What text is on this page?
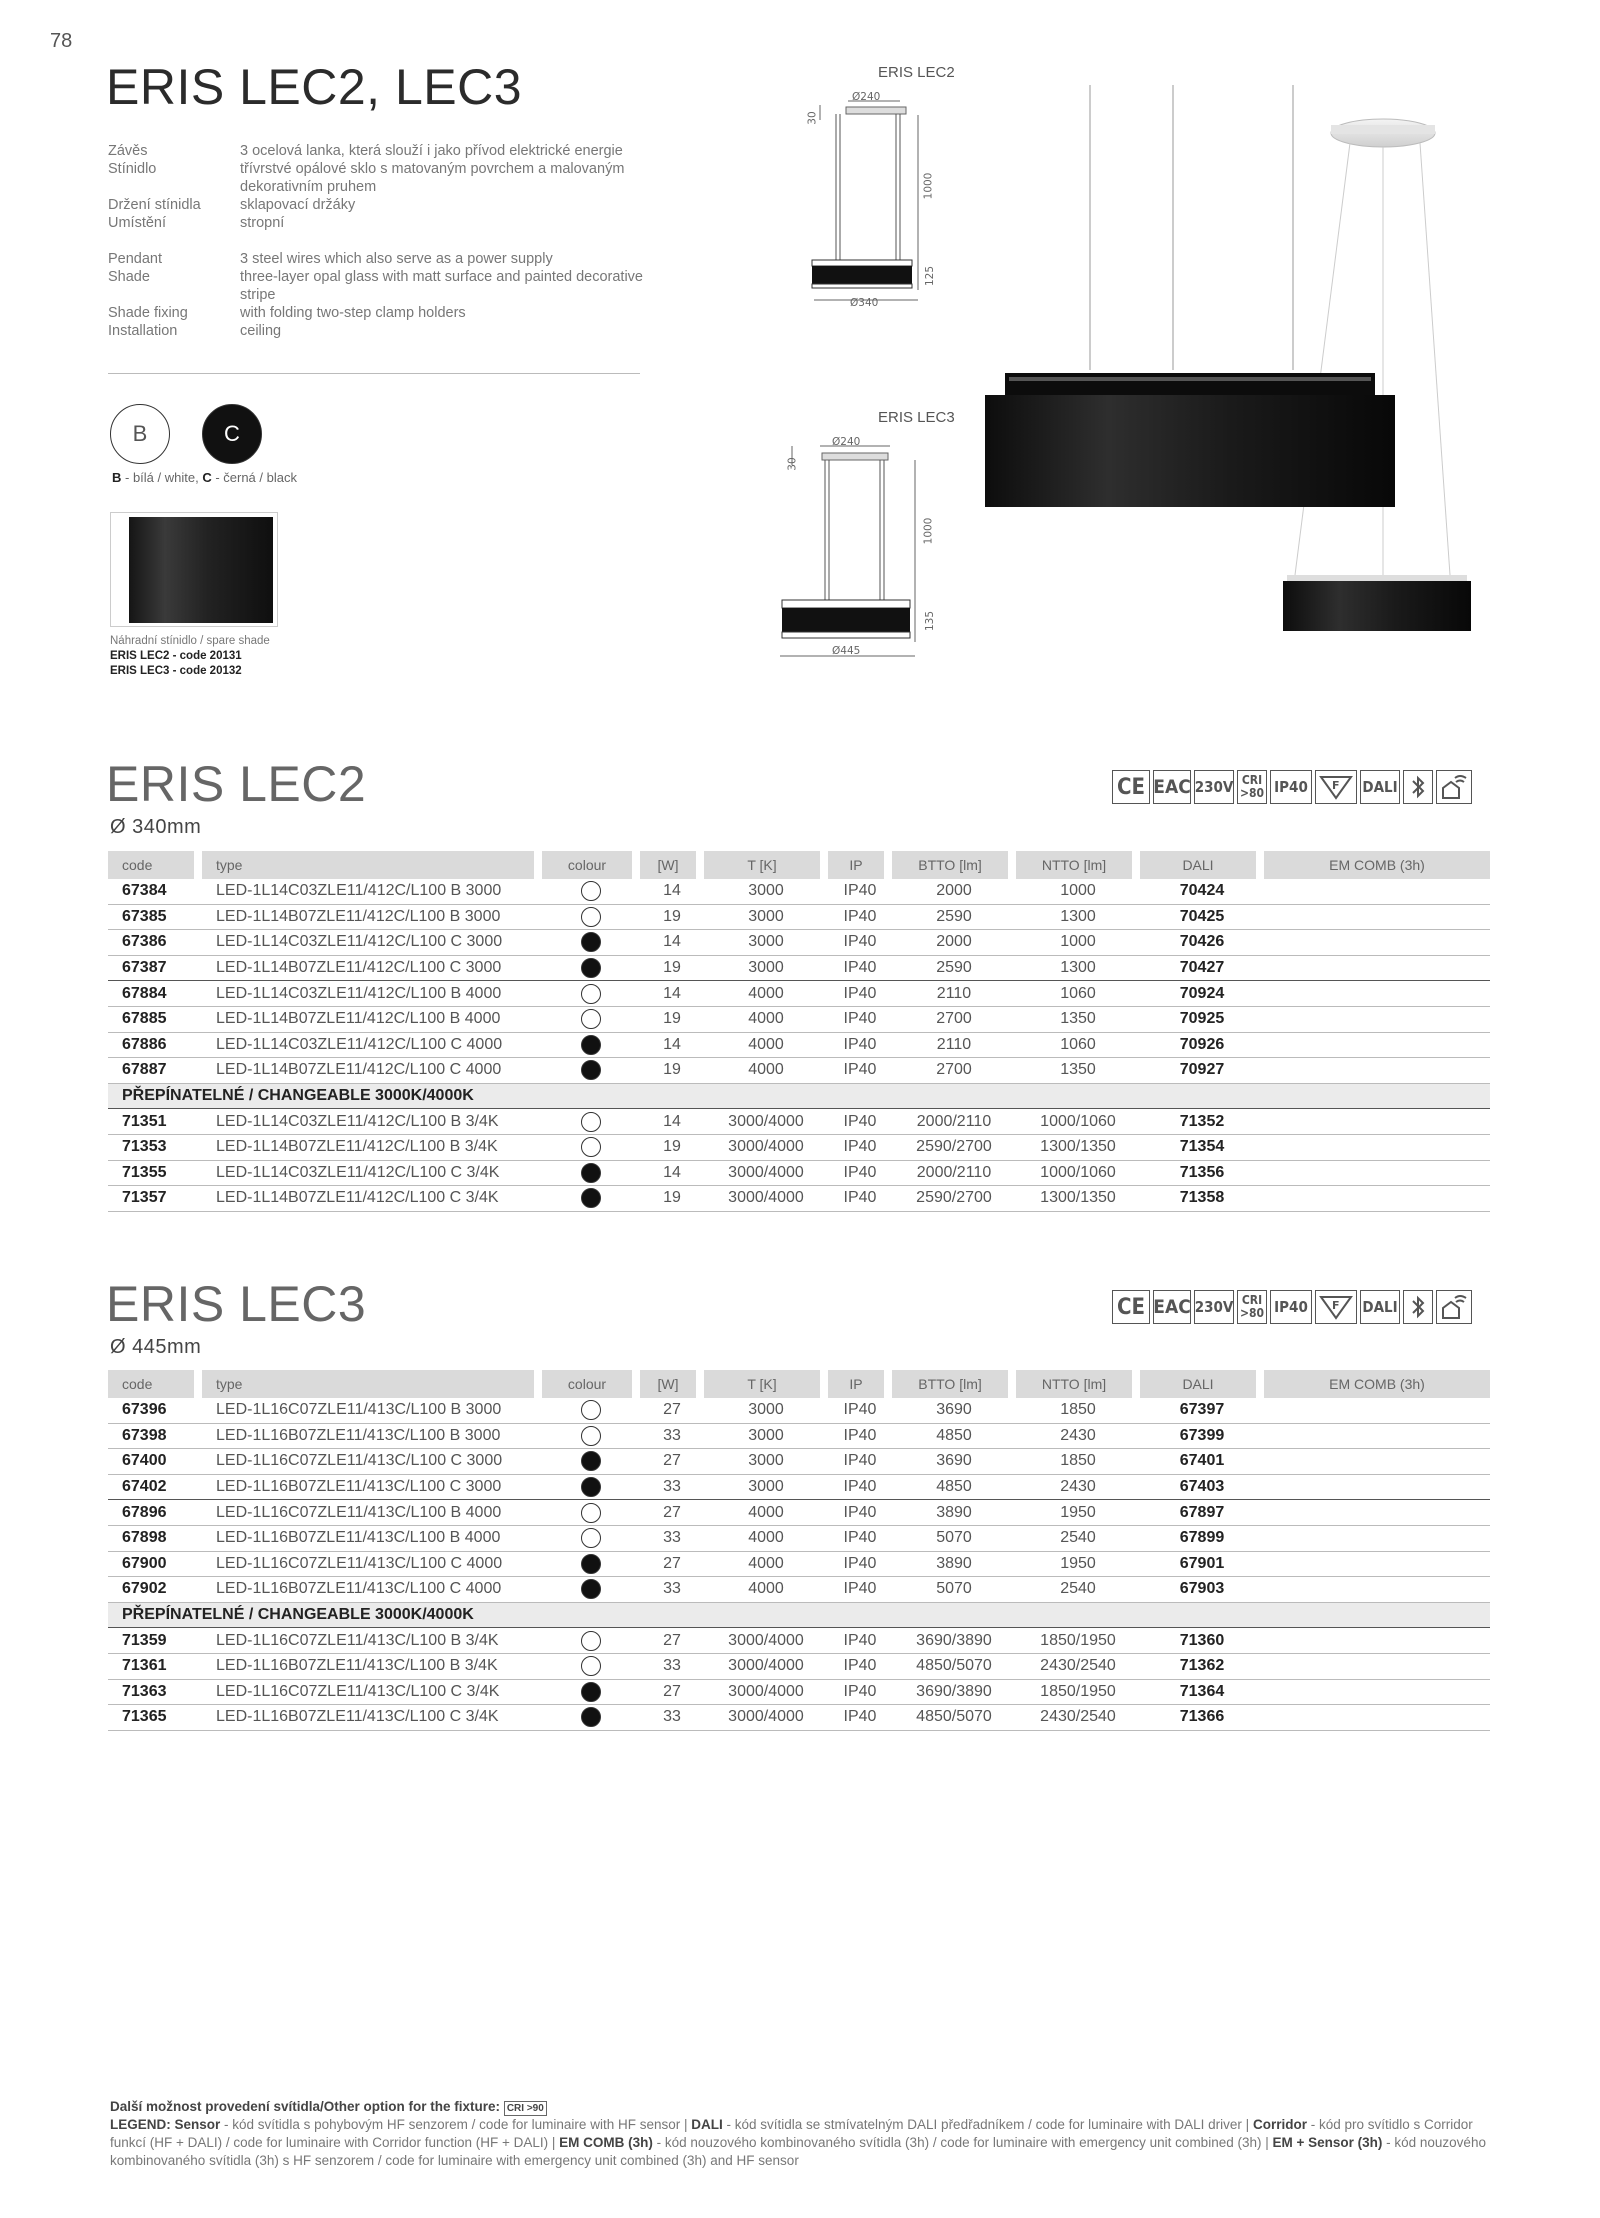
78
ERIS LEC2, LEC3
Závěs	3 ocelová lanka, která slouží i jako přívod elektrické energie
Stínidlo	třívrstvé opálové sklo s matovaným povrchem a malovaným dekorativním pruhem
Držení stínidla	sklapovací držáky
Umístění	stropní
Pendant	3 steel wires which also serve as a power supply
Shade	three-layer opal glass with matt surface and painted decorative stripe
Shade fixing	with folding two-step clamp holders
Installation	ceiling
B	C
B - bílá / white, C - černá / black
Náhradní stínidlo / spare shade
ERIS LEC2 - code 20131
ERIS LEC3 - code 20132
ERIS LEC2
Ø240
30
1000
125
Ø340
ERIS LEC3
Ø240
30
1000
135
Ø445
ERIS LEC2
Ø 340mm
CE EAC 230V CRI
>80 IP40	F DALI
code	type	colour	[W]	T [K]	IP	BTTO [lm]	NTTO [lm]	DALI	EM COMB (3h)
67384	LED-1L14C03ZLE11/412C/L100 B 3000		14	3000	IP40	2000	1000	70424	
67385	LED-1L14B07ZLE11/412C/L100 B 3000		19	3000	IP40	2590	1300	70425	
67386	LED-1L14C03ZLE11/412C/L100 C 3000		14	3000	IP40	2000	1000	70426	
67387	LED-1L14B07ZLE11/412C/L100 C 3000		19	3000	IP40	2590	1300	70427	
67884	LED-1L14C03ZLE11/412C/L100 B 4000		14	4000	IP40	2110	1060	70924	
67885	LED-1L14B07ZLE11/412C/L100 B 4000		19	4000	IP40	2700	1350	70925	
67886	LED-1L14C03ZLE11/412C/L100 C 4000		14	4000	IP40	2110	1060	70926	
67887	LED-1L14B07ZLE11/412C/L100 C 4000		19	4000	IP40	2700	1350	70927	
PŘEPÍNATELNÉ / CHANGEABLE 3000K/4000K									
71351	LED-1L14C03ZLE11/412C/L100 B 3/4K		14	3000/4000	IP40	2000/2110	1000/1060	71352	
71353	LED-1L14B07ZLE11/412C/L100 B 3/4K		19	3000/4000	IP40	2590/2700	1300/1350	71354	
71355	LED-1L14C03ZLE11/412C/L100 C 3/4K		14	3000/4000	IP40	2000/2110	1000/1060	71356	
71357	LED-1L14B07ZLE11/412C/L100 C 3/4K		19	3000/4000	IP40	2590/2700	1300/1350	71358	
ERIS LEC3
Ø 445mm
CE EAC 230V CRI
>80 IP40	F DALI
code	type	colour	[W]	T [K]	IP	BTTO [lm]	NTTO [lm]	DALI	EM COMB (3h)
67396	LED-1L16C07ZLE11/413C/L100 B 3000		27	3000	IP40	3690	1850	67397	
67398	LED-1L16B07ZLE11/413C/L100 B 3000		33	3000	IP40	4850	2430	67399	
67400	LED-1L16C07ZLE11/413C/L100 C 3000		27	3000	IP40	3690	1850	67401	
67402	LED-1L16B07ZLE11/413C/L100 C 3000		33	3000	IP40	4850	2430	67403	
67896	LED-1L16C07ZLE11/413C/L100 B 4000		27	4000	IP40	3890	1950	67897	
67898	LED-1L16B07ZLE11/413C/L100 B 4000		33	4000	IP40	5070	2540	67899	
67900	LED-1L16C07ZLE11/413C/L100 C 4000		27	4000	IP40	3890	1950	67901	
67902	LED-1L16B07ZLE11/413C/L100 C 4000		33	4000	IP40	5070	2540	67903	
PŘEPÍNATELNÉ / CHANGEABLE 3000K/4000K									
71359	LED-1L16C07ZLE11/413C/L100 B 3/4K		27	3000/4000	IP40	3690/3890	1850/1950	71360	
71361	LED-1L16B07ZLE11/413C/L100 B 3/4K		33	3000/4000	IP40	4850/5070	2430/2540	71362	
71363	LED-1L16C07ZLE11/413C/L100 C 3/4K		27	3000/4000	IP40	3690/3890	1850/1950	71364	
71365	LED-1L16B07ZLE11/413C/L100 C 3/4K		33	3000/4000	IP40	4850/5070	2430/2540	71366	
Další možnost provedení svítidla/Other option for the fixture: CRI >90
LEGEND: Sensor - kód svítidla s pohybovým HF senzorem / code for luminaire with HF sensor | DALI - kód svítidla se stmívatelným DALI předřadníkem / code for luminaire with DALI driver | Corridor - kód pro svítidlo s Corridor funkcí (HF + DALI) / code for luminaire with Corridor function (HF + DALI) | EM COMB (3h) - kód nouzového kombinovaného svítidla (3h) / code for luminaire with emergency unit combined (3h) | EM + Sensor (3h) - kód nouzového kombinovaného svítidla (3h) s HF senzorem / code for luminaire with emergency unit combined (3h) and HF sensor
